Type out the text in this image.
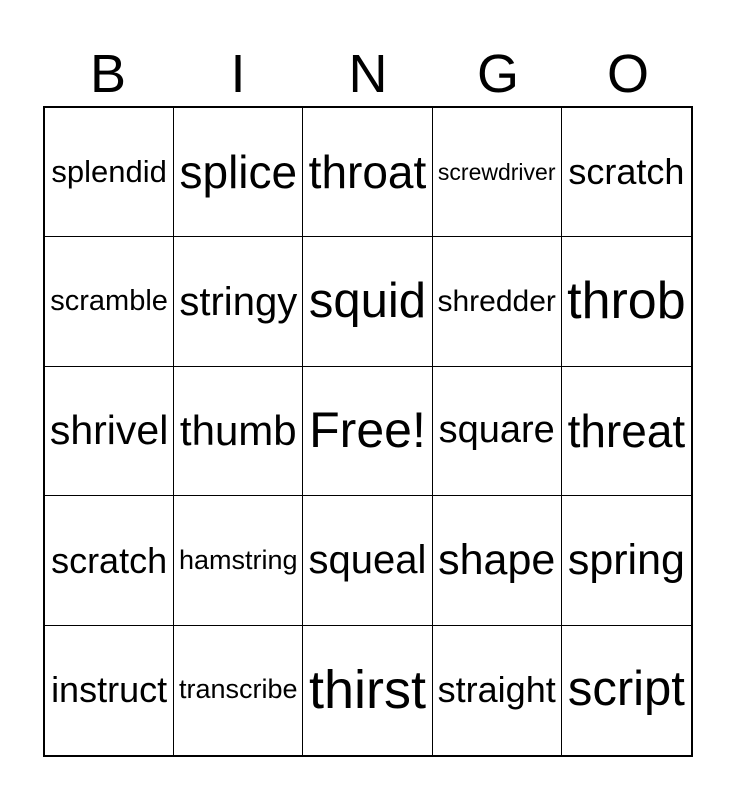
B	I	N	G	O
splendid splice throat screwdriver scratch
scramble stringy squid shredder throb
shrivel thumb Free! square threat
scratch hamstring squeal shape spring
instruct transcribe thirst straight script
